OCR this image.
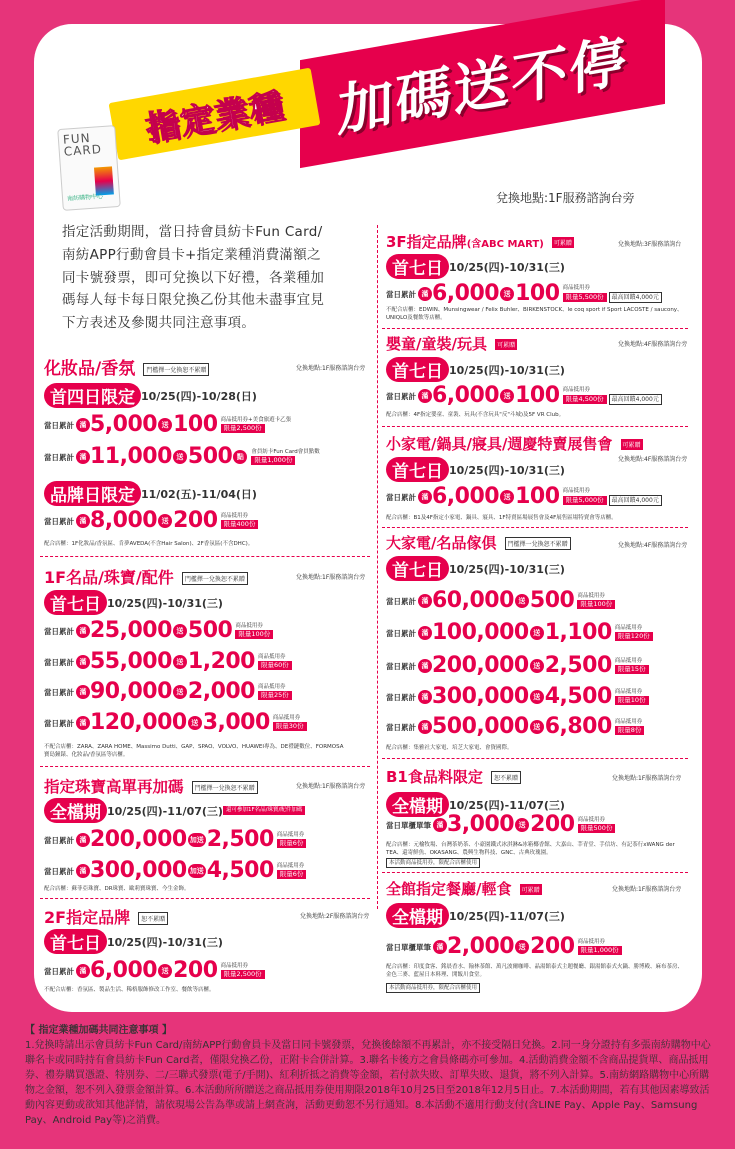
加碼送不停
指定業種
FUN
CARD
南紡購物中心	兌換地點:1F服務諮詢台旁
指定活動期間，當日持會員紡卡Fun Card/南紡APP行動會員卡+指定業種消費滿額之同卡號發票，即可兌換以下好禮，各業種加碼每人每卡每日限兌換乙份其他未盡事宜見下方表述及參閱共同注意事項。
化妝品/香氛 門檻擇一兌換恕不累贈	兌換地點:1F服務諮詢台旁
首四日限定 10/25(四)-10/28(日)
當日累計 滿 5,000 送 100 商品抵用券+美食旅遊卡乙張
限量2,500份
當日累計 滿 11,000 送 500 點
會員紡卡Fun Card會員點數
限量1,000份
品牌日限定 11/02(五)-11/04(日)
當日累計 滿 8,000 送 200 商品抵用券
限量400份
配合店櫃：1F化妝品/香氛區、肯夢AVEDA(不含Hair Salon)、2F香氛區(不含DHC)。
1F名品/珠寶/配件 門檻擇一兌換恕不累贈	兌換地點:1F服務諮詢台旁
首七日 10/25(四)-10/31(三)
當日累計 滿 25,000 送 500 商品抵用券
限量100份
當日累計 滿 55,000 送 1,200 商品抵用券
限量60份
當日累計 滿 90,000 送 2,000 商品抵用券
限量25份
當日累計 滿 120,000 送 3,000 商品抵用券
限量30份
不配合店櫃：ZARA、ZARA HOME、Massimo Dutti、GAP、SPAO、VOLVO、HUAWEI專為、DE禮鏈數位、FORMOSA寶島鐘錶、化妝品/香氛區等店櫃。
指定珠寶高單再加碼 門檻擇一兌換恕不累贈	兌換地點:1F服務諮詢台旁
全檔期 10/25(四)-11/07(三) 還可參加1F名品/珠寶/配件加碼
當日累計 滿 200,000 加送 2,500 商品抵用券
限量6份
當日累計 滿 300,000 加送 4,500 商品抵用券
限量6份
配合店櫃：蘇菲亞珠寶、DR珠寶、歐莉寶珠寶、今生金飾。
2F指定品牌 恕不累贈	兌換地點:2F服務諮詢台旁
首七日 10/25(四)-10/31(三)
當日累計 滿 6,000 送 200 商品抵用券
限量2,500份
不配合店櫃：香氛區、製品生活、稀格服飾修改工作室、餐飲等店櫃。
3F指定品牌(含ABC MART) 可累贈	兌換地點:3F服務諮詢台
首七日 10/25(四)-10/31(三)
當日累計 滿 6,000 送 100 商品抵用券
限量5,500份 最高回饋4,000元
不配合店櫃：EDWIN、Munsingwear / Felix Buhler、BIRKENSTOCK、le coq sport if Sport LACOSTE / saucony、UNIQLO及餐飲等店櫃。
嬰童/童裝/玩具 可累贈	兌換地點:4F服務諮詢台旁
首七日 10/25(四)-10/31(三)
當日累計 滿 6,000 送 100 商品抵用券
限量4,500份 最高回饋4,000元
配合店櫃：4F指定嬰童、童裝、玩具(不含玩具"反"斗城)及5F VR Club。
小家電/鍋具/寢具/週慶特賣展售會 可累贈
兌換地點:4F服務諮詢台旁
首七日 10/25(四)-10/31(三)
當日累計 滿 6,000 送 100 商品抵用券
限量5,000份 最高回饋4,000元
配合店櫃：B1及4F指定小家電、鍋具、寢具、1F特賣區場展售會及4F展售區場特賣會等店櫃。
大家電/名品傢俱 門檻擇一兌換恕不累贈	兌換地點:4F服務諮詢台旁
首七日 10/25(四)-10/31(三)
當日累計 滿 60,000 送 500 商品抵用券
限量100份
當日累計 滿 100,000 送 1,100 商品抵用券
限量120份
當日累計 滿 200,000 送 2,500 商品抵用券
限量15份
當日累計 滿 300,000 送 4,500 商品抵用券
限量10份
當日累計 滿 500,000 送 6,800 商品抵用券
限量8份
配合店櫃：集雅社大家電、培芝大家電、會資國際。
B1食品料限定 恕不累贈	兌換地點:1F服務諮詢台旁
全檔期 10/25(四)-11/07(三)
當日單櫃單筆 滿 3,000 送 200 商品抵用券
限量500份
配合店櫃：元榆牧場、台灣茶奶茶、小豪園鐵式冰淇淋&冰箱椰香館、大嘉山、莘青堂、手信坊、有記茶行xWANG der TEA、還寄鮮魚、OKASANG、農興生物科技、GNC、古典玫瑰園。
本活動商品抵用券，限配合店櫃使用
全館指定餐廳/輕食 可累贈	兌換地點:1F服務諮詢台旁
全檔期 10/25(四)-11/07(三)
當日單櫃單筆 滿 2,000 送 200 商品抵用券
限量1,000份
配合店櫃：印度食客、銘晨香水、翰林茶館、萬凡波爾咖啡、晶湯館泰式主題餐廳、銀湯館泰式火鍋、勝博殿、麻布茶房、金色三麥、藍屋日本料理、開飯川食堂。
本活動商品抵用券，限配合店櫃使用
【 指定業種加碼共同注意事項 】
1.兌換時請出示會員紡卡Fun Card/南紡APP行動會員卡及當日同卡號發票，兌換後餘額不再累計，亦不接受隔日兌換。2.同一身分證持有多張南紡購物中心聯名卡或同時持有會員紡卡Fun Card者，僅限兌換乙份，正附卡合併計算。3.聯名卡後方之會員條碼亦可參加。4.活動消費金額不含商品提貨單、商品抵用券、禮券購買憑證、特別券、二/三聯式發票(電子/手開)、紅利折抵之消費等金額，若付款失敗、訂單失敗、退貨，將不列入計算。5.南紡網路購物中心所購物之金額，恕不列入發票金額計算。6.本活動所所贈送之商品抵用券使用期限2018年10月25日至2018年12月5日止。7.本活動期間，若有其他因素導致活動內容更動或欲知其他詳情，請依現場公告為準或請上網查詢，活動更動恕不另行通知。8.本活動不適用行動支付(含LINE Pay、Apple Pay、Samsung Pay、Android Pay等)之消費。
